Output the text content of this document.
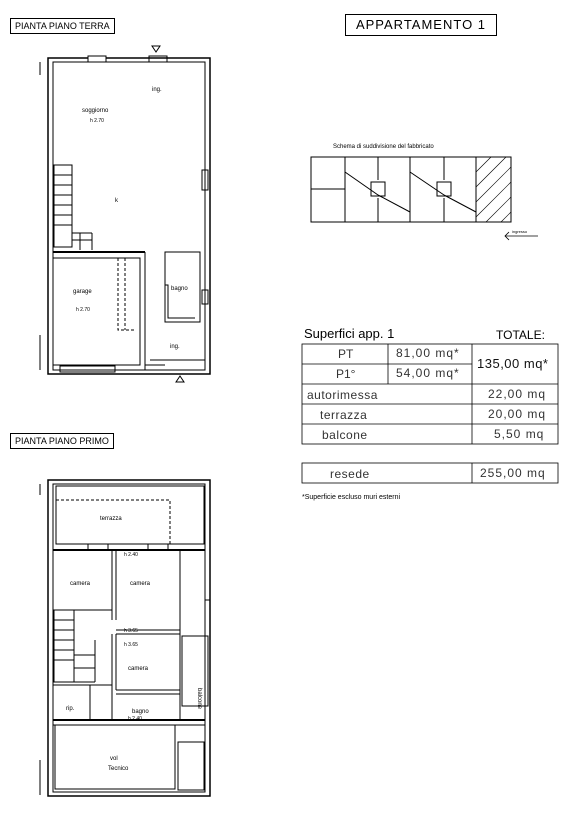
APPARTAMENTO 1
PIANTA PIANO TERRA
PIANTA PIANO PRIMO
ing.
soggiorno
h 2.70
k
garage
h 2.70
bagno
ing.
terrazza
h 2.40
camera	camera
h 3.65
h 3.65
camera
balcone
rip.	bagno
h 2.40
vol
Tecnico
Schema di suddivisione del fabbricato
ingresso
Superfici app. 1	TOTALE:
PT	81,00 mq*
P1°	54,00 mq*
135,00 mq*
autorimessa	22,00 mq
terrazza	20,00 mq
balcone	5,50 mq
resede	255,00 mq
*Superficie escluso muri esterni
